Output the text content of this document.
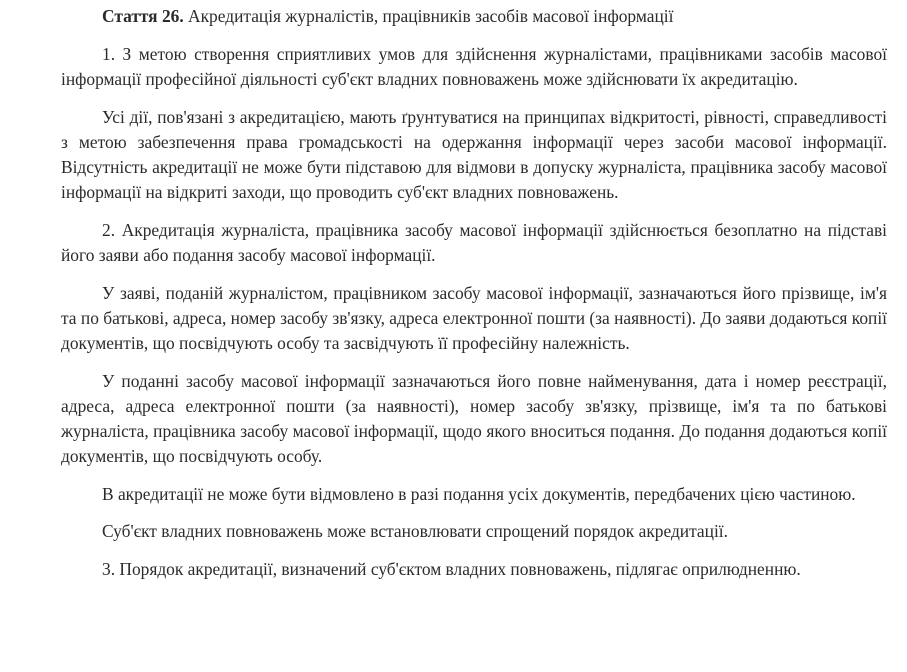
Стаття 26. Акредитація журналістів, працівників засобів масової інформації

1. З метою створення сприятливих умов для здійснення журналістами, працівниками засобів масової інформації професійної діяльності суб'єкт владних повноважень може здійснювати їх акредитацію.

Усі дії, пов'язані з акредитацією, мають ґрунтуватися на принципах відкритості, рівності, справедливості з метою забезпечення права громадськості на одержання інформації через засоби масової інформації. Відсутність акредитації не може бути підставою для відмови в допуску журналіста, працівника засобу масової інформації на відкриті заходи, що проводить суб'єкт владних повноважень.

2. Акредитація журналіста, працівника засобу масової інформації здійснюється безоплатно на підставі його заяви або подання засобу масової інформації.

У заяві, поданій журналістом, працівником засобу масової інформації, зазначаються його прізвище, ім'я та по батькові, адреса, номер засобу зв'язку, адреса електронної пошти (за наявності). До заяви додаються копії документів, що посвідчують особу та засвідчують її професійну належність.

У поданні засобу масової інформації зазначаються його повне найменування, дата і номер реєстрації, адреса, адреса електронної пошти (за наявності), номер засобу зв'язку, прізвище, ім'я та по батькові журналіста, працівника засобу масової інформації, щодо якого вноситься подання. До подання додаються копії документів, що посвідчують особу.

В акредитації не може бути відмовлено в разі подання усіх документів, передбачених цією частиною.

Суб'єкт владних повноважень може встановлювати спрощений порядок акредитації.

3. Порядок акредитації, визначений суб'єктом владних повноважень, підлягає оприлюдненню.
